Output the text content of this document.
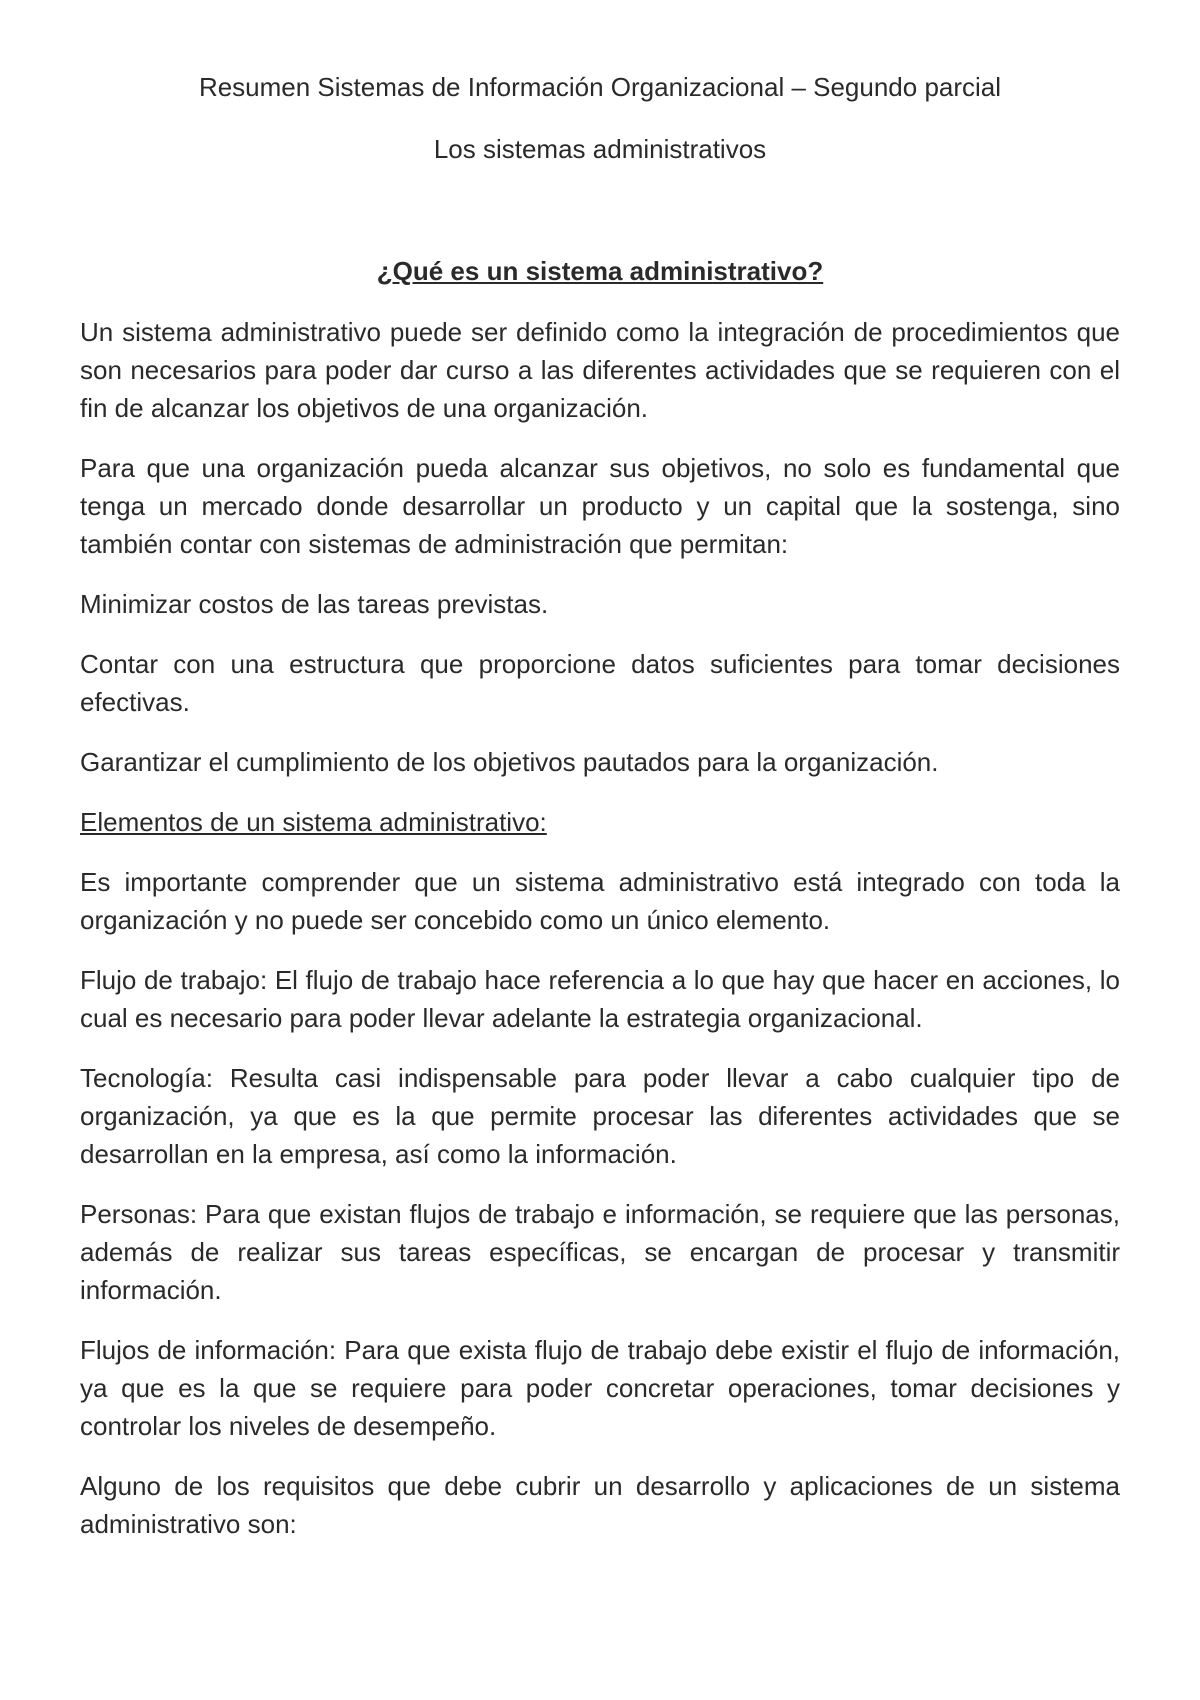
Resumen Sistemas de Información Organizacional – Segundo parcial

Los sistemas administrativos

¿Qué es un sistema administrativo?

Un sistema administrativo puede ser definido como la integración de procedimientos que son necesarios para poder dar curso a las diferentes actividades que se requieren con el fin de alcanzar los objetivos de una organización.

Para que una organización pueda alcanzar sus objetivos, no solo es fundamental que tenga un mercado donde desarrollar un producto y un capital que la sostenga, sino también contar con sistemas de administración que permitan:

Minimizar costos de las tareas previstas.

Contar con una estructura que proporcione datos suficientes para tomar decisiones efectivas.

Garantizar el cumplimiento de los objetivos pautados para la organización.

Elementos de un sistema administrativo:

Es importante comprender que un sistema administrativo está integrado con toda la organización y no puede ser concebido como un único elemento.

Flujo de trabajo: El flujo de trabajo hace referencia a lo que hay que hacer en acciones, lo cual es necesario para poder llevar adelante la estrategia organizacional.

Tecnología: Resulta casi indispensable para poder llevar a cabo cualquier tipo de organización, ya que es la que permite procesar las diferentes actividades que se desarrollan en la empresa, así como la información.

Personas: Para que existan flujos de trabajo e información, se requiere que las personas, además de realizar sus tareas específicas, se encargan de procesar y transmitir información.

Flujos de información: Para que exista flujo de trabajo debe existir el flujo de información, ya que es la que se requiere para poder concretar operaciones, tomar decisiones y controlar los niveles de desempeño.

Alguno de los requisitos que debe cubrir un desarrollo y aplicaciones de un sistema administrativo son:
